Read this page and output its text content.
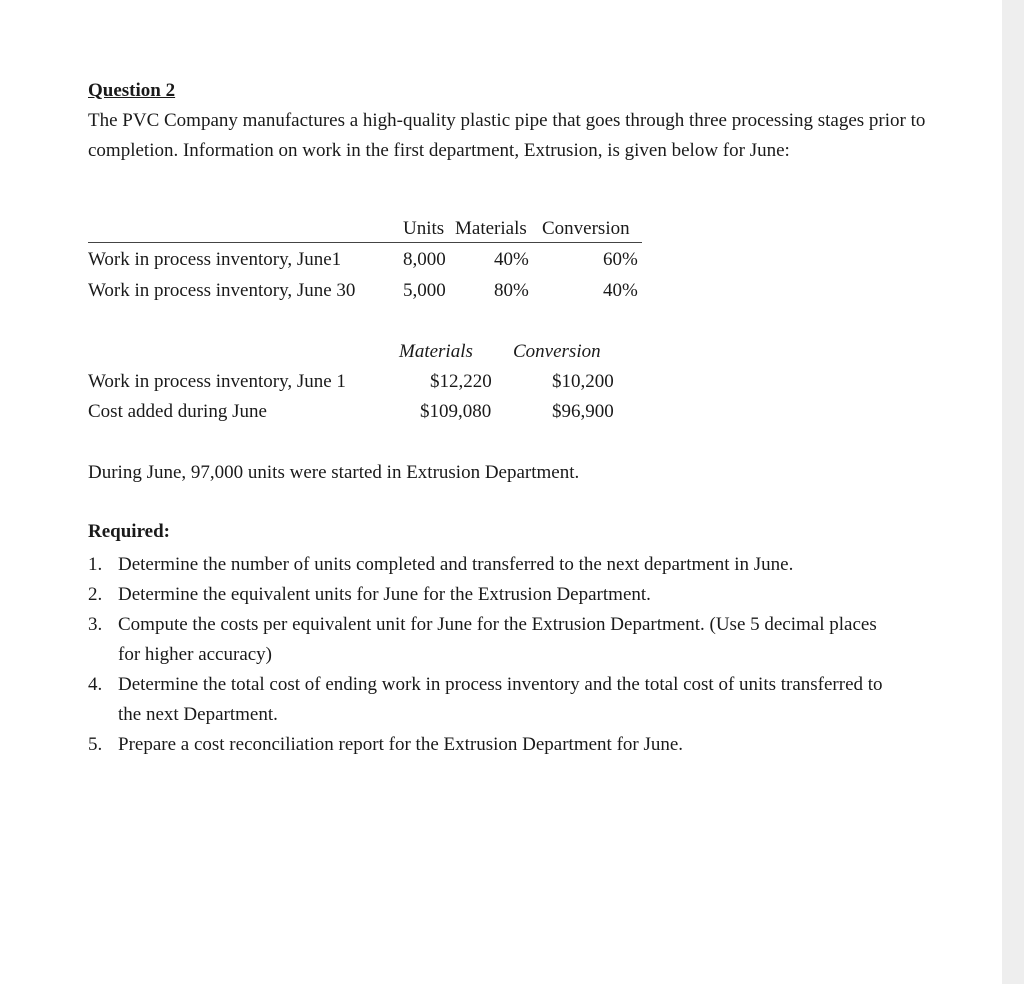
Question 2

The PVC Company manufactures a high-quality plastic pipe that goes through three processing stages prior to completion. Information on work in the first department, Extrusion, is given below for June:

Units Materials Conversion
Work in process inventory, June1	8,000	40%	60%
Work in process inventory, June 30	5,000	80%	40%
Materials Conversion
Work in process inventory, June 1	$12,220	$10,200
Cost added during June	$109,080	$96,900
During June, 97,000 units were started in Extrusion Department.
Required:
1. Determine the number of units completed and transferred to the next department in June.
2. Determine the equivalent units for June for the Extrusion Department.
3. Compute the costs per equivalent unit for June for the Extrusion Department. (Use 5 decimal places for higher accuracy)
4. Determine the total cost of ending work in process inventory and the total cost of units transferred to the next Department.
5. Prepare a cost reconciliation report for the Extrusion Department for June.
